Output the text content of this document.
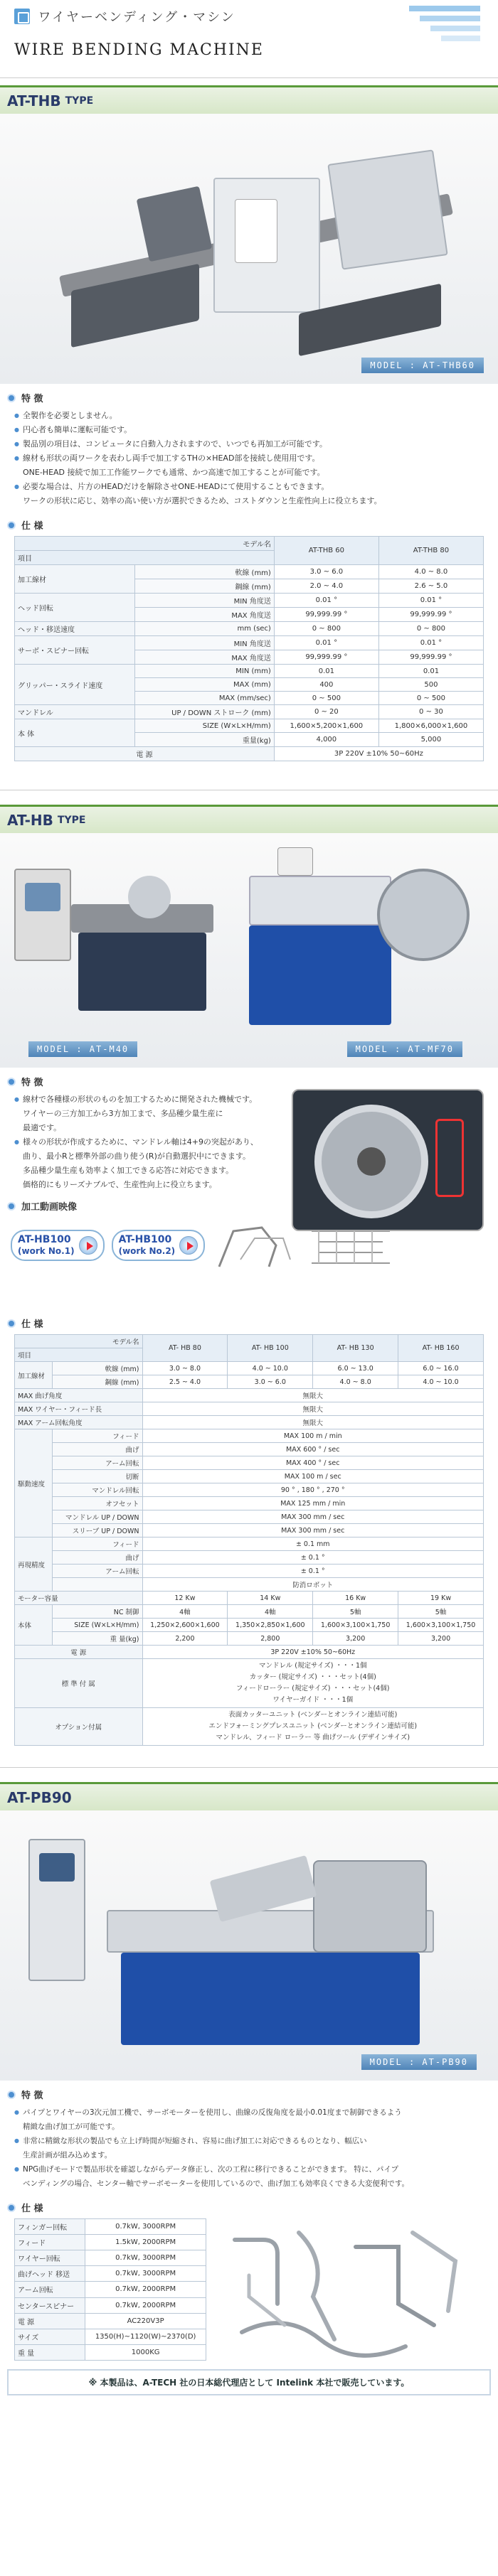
ワイヤーベンディング・マシン
WIRE BENDING MACHINE
AT-THB TYPE
MODEL : AT-THB60
特 徴
● 全製作を必要としません。
● 円心者も簡単に運転可能です。
● 製品別の項目は、コンピュータに自動入力されますので、いつでも再加工が可能です。
● 線材も形状の両ワークを表わし両手で加工するTHの×HEAD部を接続し使用用です。
ONE-HEAD 接続で加工工作能ワークでも通常、かつ高速で加工することが可能です。
● 必要な場合は、片方のHEADだけを解除させONE-HEADにて使用することもできます。
ワークの形状に応じ、効率の高い使い方が選択できるため、コストダウンと生産性向上に役立ちます。
仕 様
モデル名		AT-THB 60	AT-THB 80
項目			
加工線材	軟線 (mm)	3.0 ~ 6.0	4.0 ~ 8.0
	鋼線 (mm)	2.0 ~ 4.0	2.6 ~ 5.0
ヘッド回転	MIN 角度送	0.01 °	0.01 °
	MAX 角度送	99,999.99 °	99,999.99 °
ヘッド・移送速度	mm (sec)	0 ~ 800	0 ~ 800
サーボ・スピナー回転	MIN 角度送	0.01 °	0.01 °
	MAX 角度送	99,999.99 °	99,999.99 °
グリッパー・スライド速度	MIN (mm)	0.01	0.01
	MAX (mm)	400	500
	MAX (mm/sec)	0 ~ 500	0 ~ 500
マンドレル	UP / DOWN ストローク (mm)	0 ~ 20	0 ~ 30
本 体	SIZE (W×L×H/mm)	1,600×5,200×1,600	1,800×6,000×1,600
	重量(kg)	4,000	5,000
電 源		3P 220V ±10% 50~60Hz	
AT-HB TYPE
MODEL : AT-M40	MODEL : AT-MF70
特 徴
● 線材で各種様の形状のものを加工するために開発された機械です。
ワイヤーの三方加工から3方加工まで、多品種少量生産に
最適です。
● 様々の形状が作成するために、マンドレル軸は4+9の突起があり、
曲り、最小Rと標準外部の曲り使う(R)が自動選択中にできます。
多品種少量生産も効率よく加工できる応答に対応できます。
価格的にもリーズナブルで、生産性向上に役立ちます。
加工動画映像
AT-HB100
(work No.1)
AT-HB100
(work No.2)
仕 様
モデル名		AT- HB 80	AT- HB 100	AT- HB 130	AT- HB 160
項目					
加工線材	軟線 (mm)	3.0 ~ 8.0	4.0 ~ 10.0	6.0 ~ 13.0	6.0 ~ 16.0
	鋼線 (mm)	2.5 ~ 4.0	3.0 ~ 6.0	4.0 ~ 8.0	4.0 ~ 10.0
MAX 曲げ角度		無限大			
MAX ワイヤー・フィード長		無限大			
MAX アーム回転角度		無限大			
駆動速度	フィード	MAX 100 m / min			
	曲げ	MAX 600 ° / sec			
	アーム回転	MAX 400 ° / sec			
	切断	MAX 100 m / sec			
	マンドレル回転	90 ° , 180 ° , 270 °			
	オフセット	MAX 125 mm / min			
	マンドレル UP / DOWN	MAX 300 mm / sec			
	スリーブ UP / DOWN	MAX 300 mm / sec			
再現精度	フィード	± 0.1 mm			
	曲げ	± 0.1 °			
	アーム回転	± 0.1 °			
		防消ロボット			
モーター容量		12 Kw	14 Kw	16 Kw	19 Kw
本体	NC 制御	4軸	4軸	5軸	5軸
	SIZE (W×L×H/mm)	1,250×2,600×1,600	1,350×2,850×1,600	1,600×3,100×1,750	1,600×3,100×1,750
	重 量(kg)	2,200	2,800	3,200	3,200
電 源		3P 220V ±10% 50~60Hz			
標 準 付 属		マンドレル (規定サイズ) ・・・1個
カッター (規定サイズ) ・・・セット(4個)
フィードローラー (規定サイズ) ・・・セット(4個)
ワイヤーガイド ・・・1個			

オプション付属		表面カッターユニット (ベンダーとオンライン連結可能)
エンドフォーミングプレスユニット (ベンダーとオンライン連結可能)
マンドレル、フィード ローラー 等 曲げツール (デザインサイズ)			
AT-PB90
MODEL : AT-PB90
特 徴
● パイプとワイヤーの3次元加工機で、サーボモーターを使用し、曲線の反復角度を最小0.01度まで制御できるよう
精緻な曲げ加工が可能です。
● 非常に精緻な形状の製品でも立上げ時間が短縮され、容易に曲げ加工に対応できるものとなり、幅広い
生産計画が組み込めます。
● NPG曲げモードで製品形状を確認しながらデータ修正し、次の工程に移行できることができます。 特に、パイプ
ベンディングの場合、センター軸でサーボモーターを使用しているので、曲げ加工も効率良くできる大変便利です。
仕 様
フィンガー回転	0.7kW, 3000RPM
フィード	1.5kW, 2000RPM
ワイヤー回転	0.7kW, 3000RPM
曲げヘッド 移送	0.7kW, 3000RPM
アーム回転	0.7kW, 2000RPM
センタースピナー	0.7kW, 2000RPM
電 源	AC220V3P
サイズ	1350(H)~1120(W)~2370(D)
重 量	1000KG
※ 本製品は、A-TECH 社の日本総代理店として Intelink 本社で販売しています。
